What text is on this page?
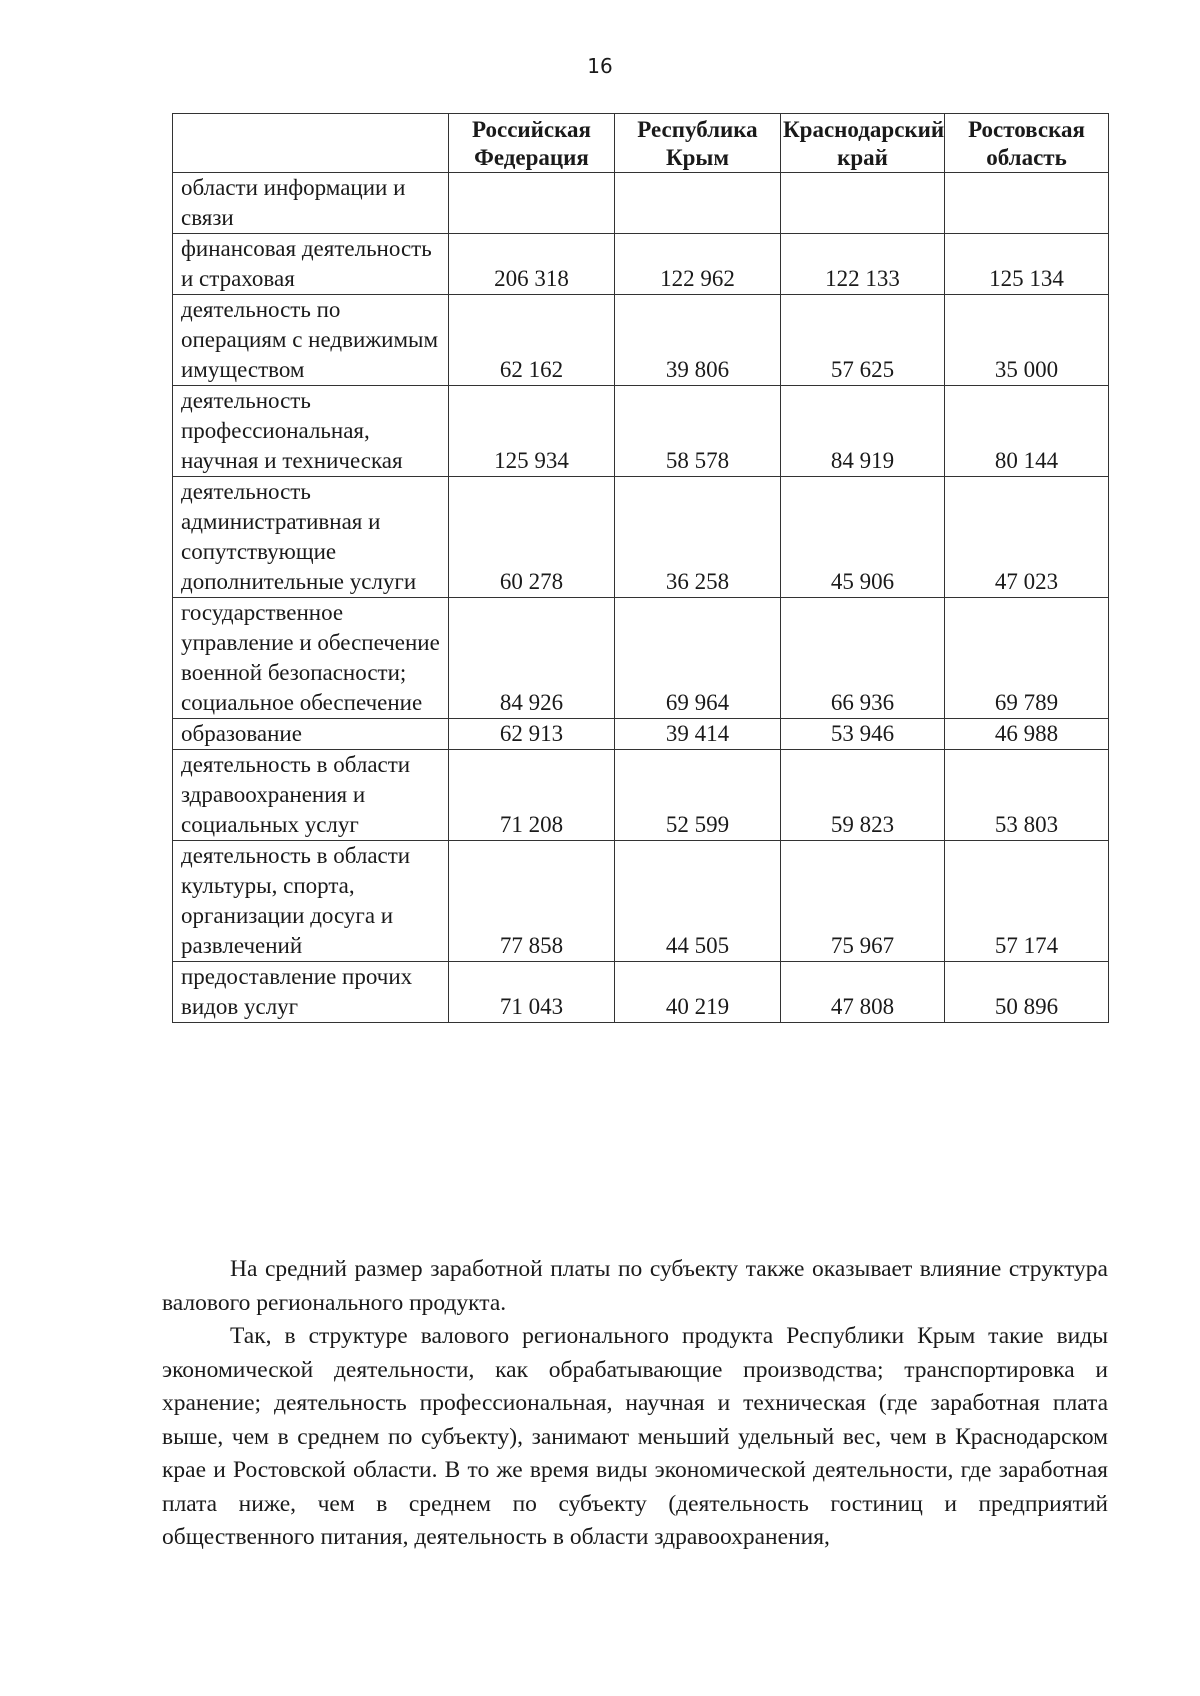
16
	Российская Федерация	Республика Крым	Краснодарский край	Ростовская область
области информации и связи				
финансовая деятельность и страховая	206 318	122 962	122 133	125 134
деятельность по операциям с недвижимым имуществом	62 162	39 806	57 625	35 000
деятельность профессиональная, научная и техническая	125 934	58 578	84 919	80 144
деятельность административная и сопутствующие дополнительные услуги	60 278	36 258	45 906	47 023
государственное управление и обеспечение военной безопасности; социальное обеспечение	84 926	69 964	66 936	69 789
образование	62 913	39 414	53 946	46 988
деятельность в области здравоохранения и социальных услуг	71 208	52 599	59 823	53 803
деятельность в области культуры, спорта, организации досуга и развлечений	77 858	44 505	75 967	57 174
предоставление прочих видов услуг	71 043	40 219	47 808	50 896

На средний размер заработной платы по субъекту также оказывает влияние структура валового регионального продукта.

Так, в структуре валового регионального продукта Республики Крым такие виды экономической деятельности, как обрабатывающие производства; транспортировка и хранение; деятельность профессиональная, научная и техническая (где заработная плата выше, чем в среднем по субъекту), занимают меньший удельный вес, чем в Краснодарском крае и Ростовской области. В то же время виды экономической деятельности, где заработная плата ниже, чем в среднем по субъекту (деятельность гостиниц и предприятий общественного питания, деятельность в области здравоохранения,
